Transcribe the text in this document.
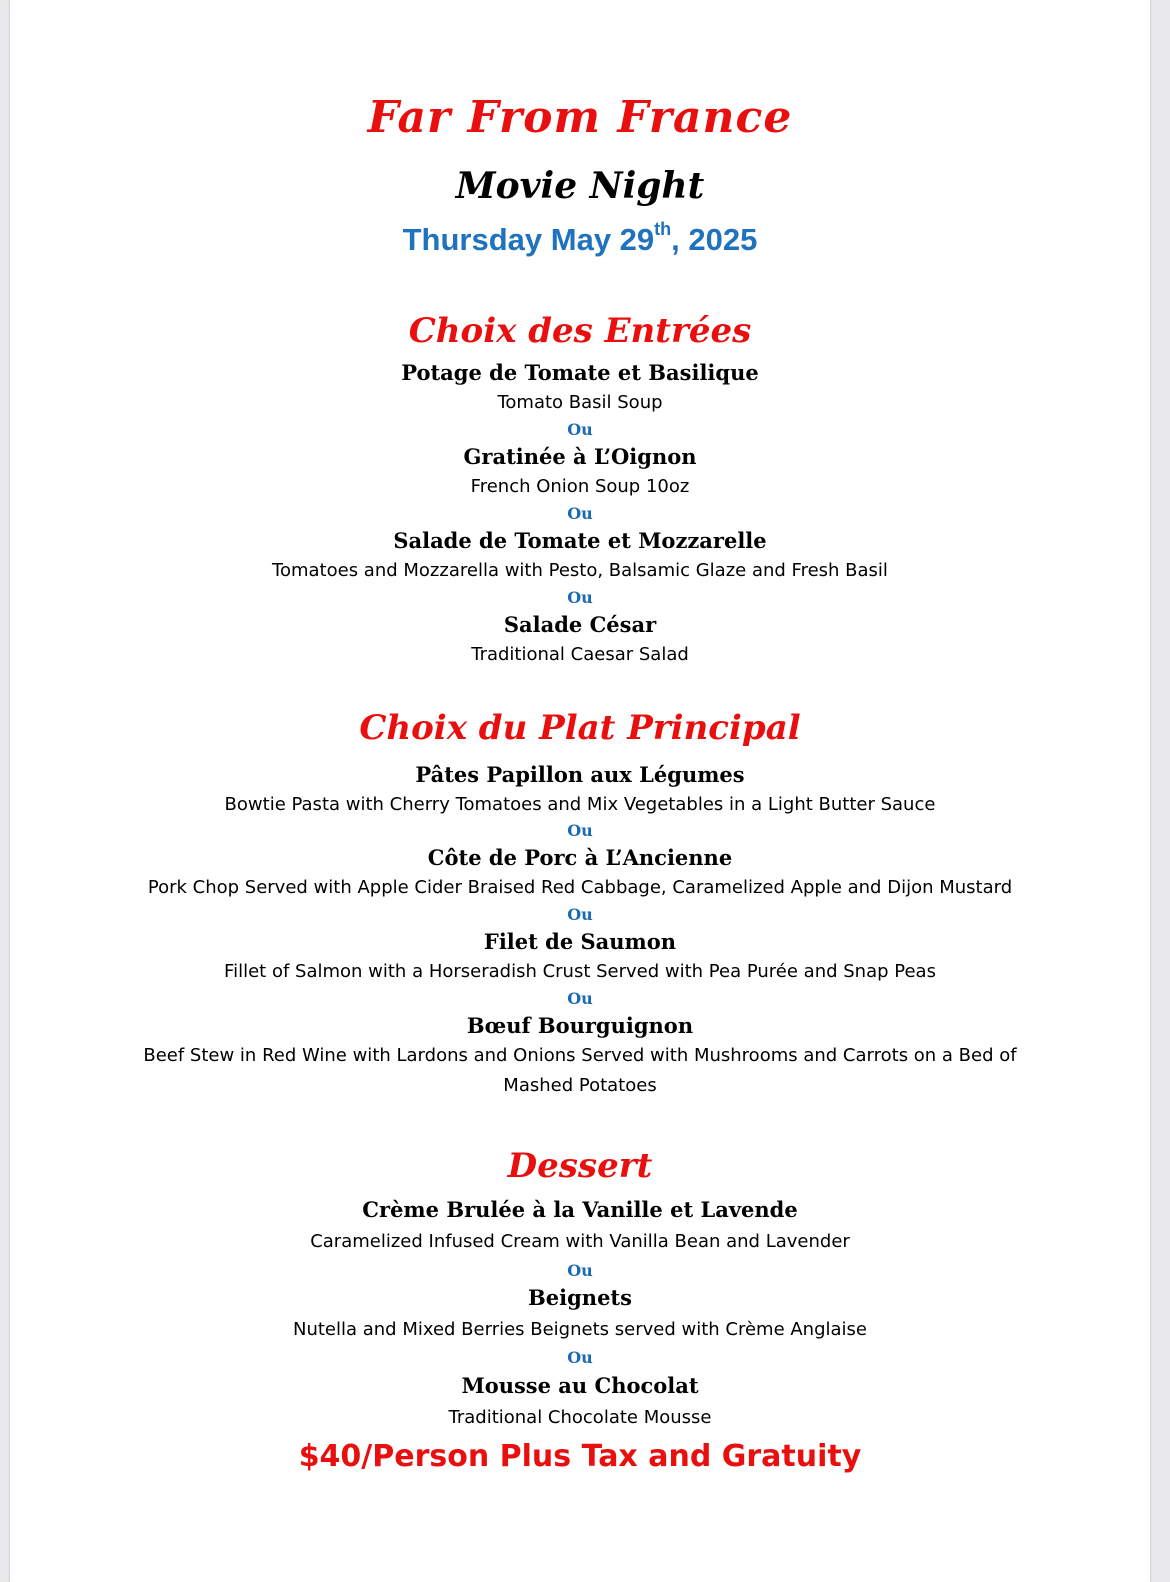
Far From France
Movie Night
Thursday May 29th, 2025
Choix des Entrées
Potage de Tomate et Basilique
Tomato Basil Soup
Ou
Gratinée à L’Oignon
French Onion Soup 10oz
Ou
Salade de Tomate et Mozzarelle
Tomatoes and Mozzarella with Pesto, Balsamic Glaze and Fresh Basil
Ou
Salade César
Traditional Caesar Salad
Choix du Plat Principal
Pâtes Papillon aux Légumes
Bowtie Pasta with Cherry Tomatoes and Mix Vegetables in a Light Butter Sauce
Ou
Côte de Porc à L’Ancienne
Pork Chop Served with Apple Cider Braised Red Cabbage, Caramelized Apple and Dijon Mustard
Ou
Filet de Saumon
Fillet of Salmon with a Horseradish Crust Served with Pea Purée and Snap Peas
Ou
Bœuf Bourguignon
Beef Stew in Red Wine with Lardons and Onions Served with Mushrooms and Carrots on a Bed of
Mashed Potatoes
Dessert
Crème Brulée à la Vanille et Lavende
Caramelized Infused Cream with Vanilla Bean and Lavender
Ou
Beignets
Nutella and Mixed Berries Beignets served with Crème Anglaise
Ou
Mousse au Chocolat
Traditional Chocolate Mousse
$40/Person Plus Tax and Gratuity
